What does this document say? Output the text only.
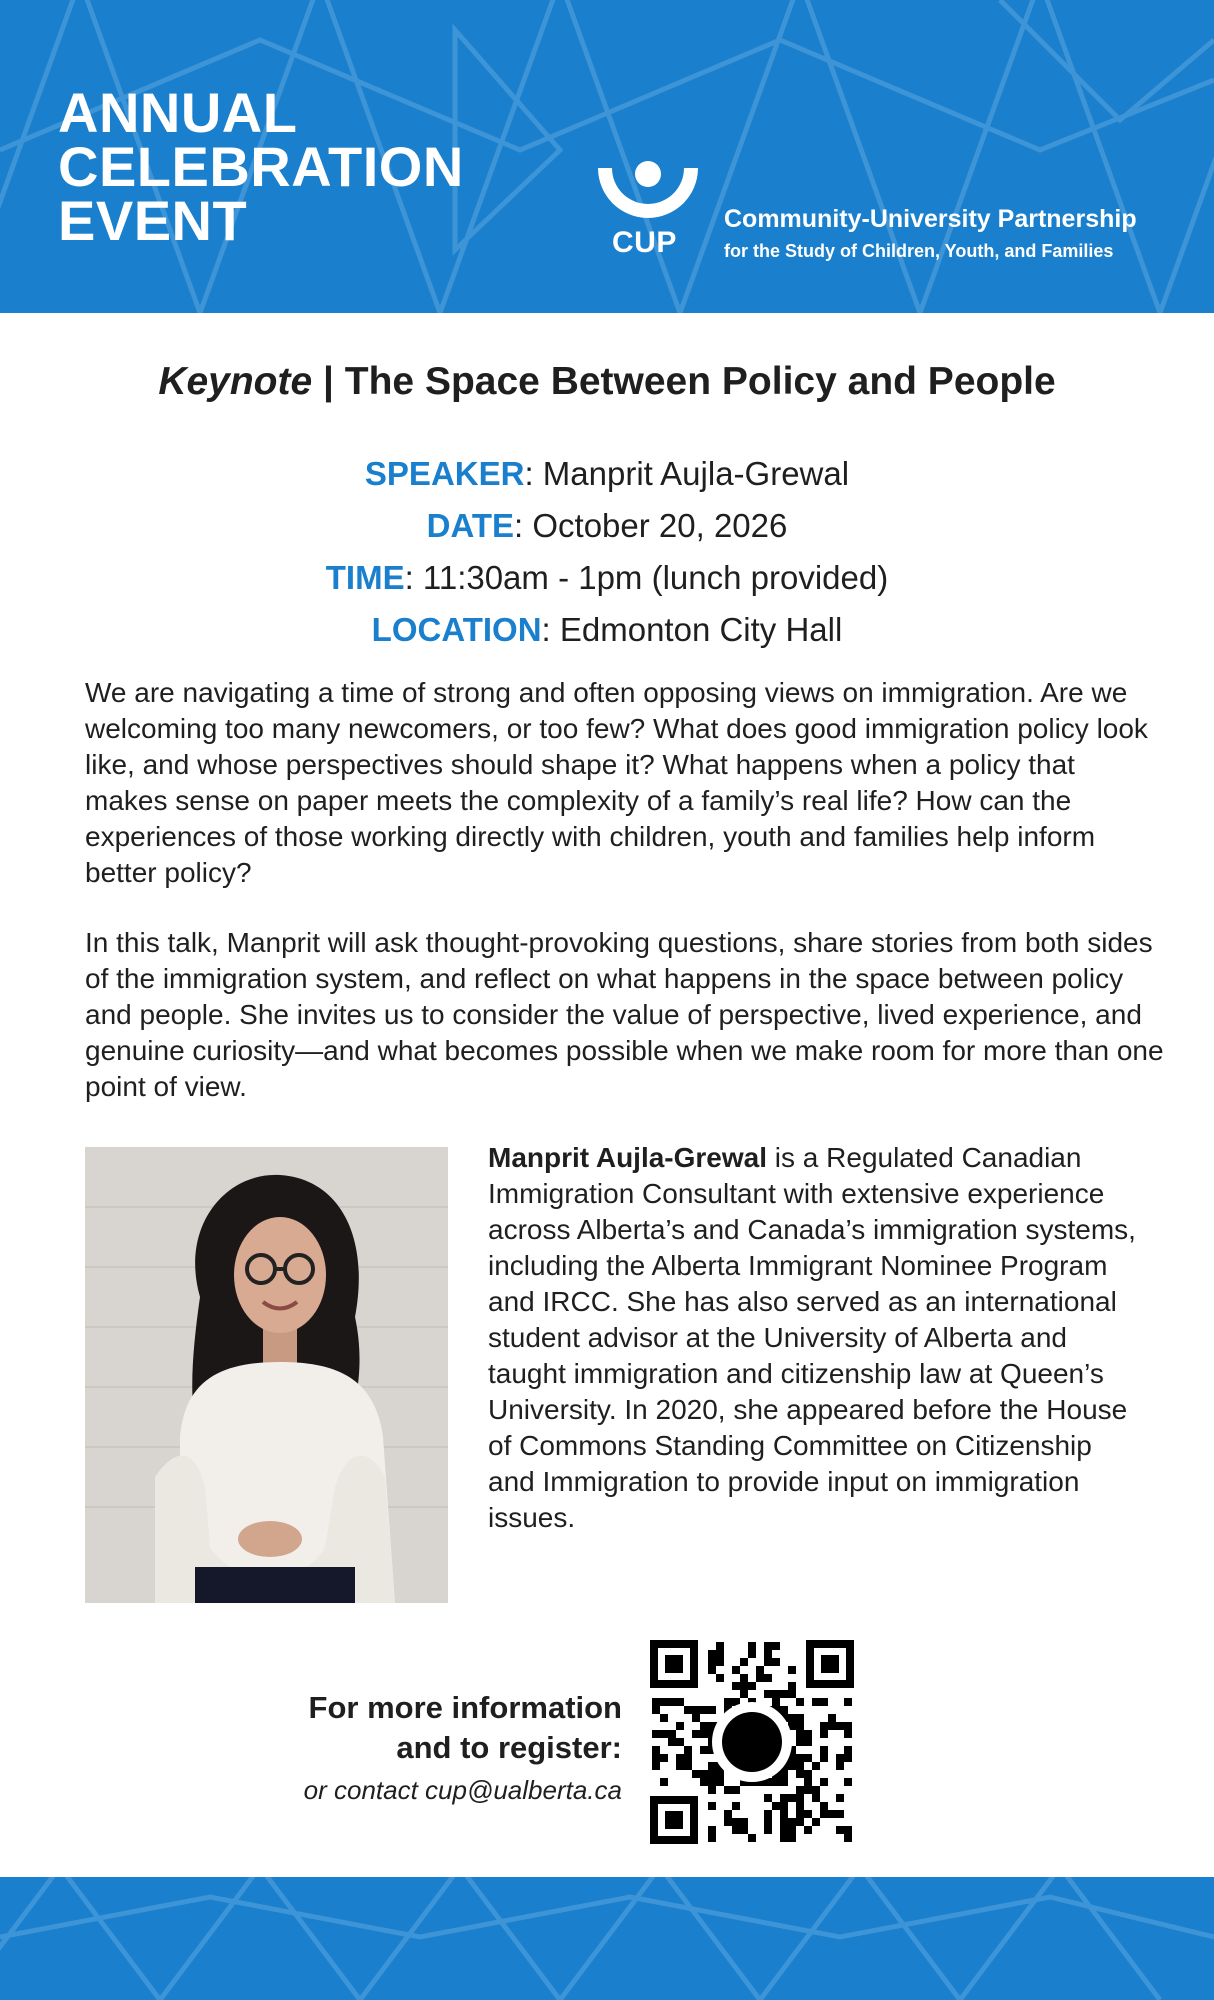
ANNUAL
CELEBRATION
EVENT	CUP
Community-University Partnership
for the Study of Children, Youth, and Families
Keynote | The Space Between Policy and People
SPEAKER: Manprit Aujla-Grewal
DATE: October 20, 2026
TIME: 11:30am - 1pm (lunch provided)
LOCATION: Edmonton City Hall

We are navigating a time of strong and often opposing views on immigration. Are we welcoming too many newcomers, or too few? What does good immigration policy look like, and whose perspectives should shape it? What happens when a policy that makes sense on paper meets the complexity of a family’s real life? How can the experiences of those working directly with children, youth and families help inform better policy?

In this talk, Manprit will ask thought-provoking questions, share stories from both sides of the immigration system, and reflect on what happens in the space between policy and people. She invites us to consider the value of perspective, lived experience, and genuine curiosity—and what becomes possible when we make room for more than one point of view.

Manprit Aujla-Grewal is a Regulated Canadian Immigration Consultant with extensive experience across Alberta’s and Canada’s immigration systems, including the Alberta Immigrant Nominee Program and IRCC. She has also served as an international student advisor at the University of Alberta and taught immigration and citizenship law at Queen’s University. In 2020, she appeared before the House of Commons Standing Committee on Citizenship and Immigration to provide input on immigration issues.

For more information
and to register:
or contact cup@ualberta.ca
